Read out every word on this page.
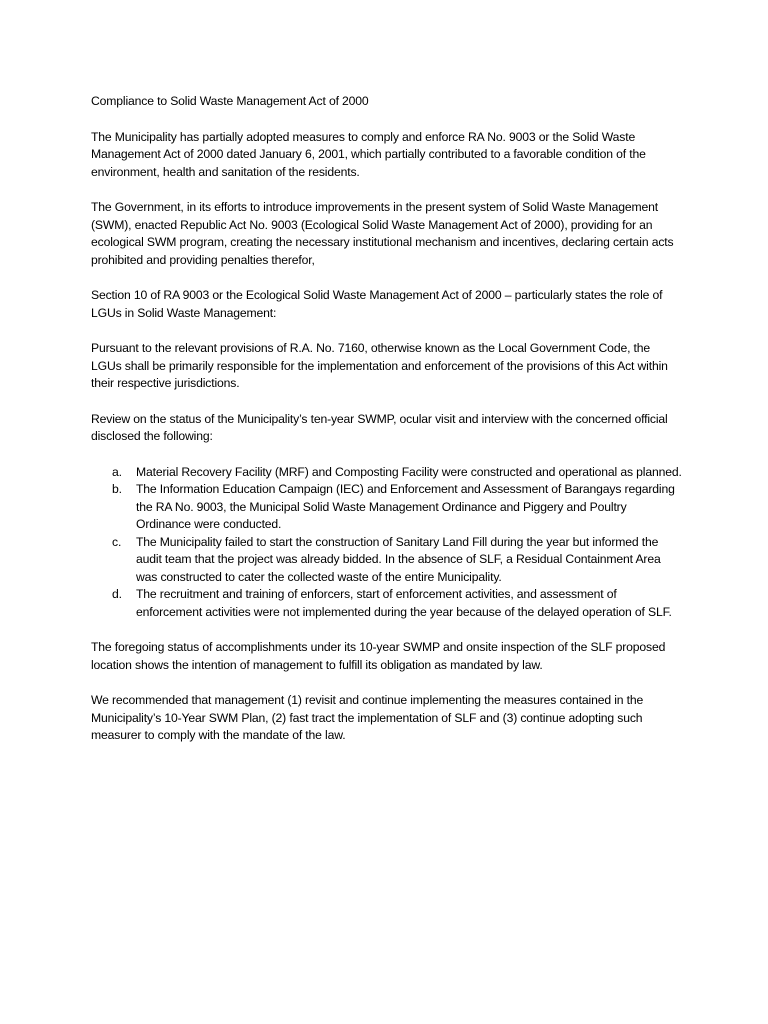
Compliance to Solid Waste Management Act of 2000

The Municipality has partially adopted measures to comply and enforce RA No. 9003 or the Solid Waste Management Act of 2000 dated January 6, 2001, which partially contributed to a favorable condition of the environment, health and sanitation of the residents.

The Government, in its efforts to introduce improvements in the present system of Solid Waste Management (SWM), enacted Republic Act No. 9003 (Ecological Solid Waste Management Act of 2000), providing for an ecological SWM program, creating the necessary institutional mechanism and incentives, declaring certain acts prohibited and providing penalties therefor,

Section 10 of RA 9003 or the Ecological Solid Waste Management Act of 2000 – particularly states the role of LGUs in Solid Waste Management:

Pursuant to the relevant provisions of R.A. No. 7160, otherwise known as the Local Government Code, the LGUs shall be primarily responsible for the implementation and enforcement of the provisions of this Act within their respective jurisdictions.

Review on the status of the Municipality’s ten-year SWMP, ocular visit and interview with the concerned official disclosed the following:

a. Material Recovery Facility (MRF) and Composting Facility were constructed and operational as planned.
b. The Information Education Campaign (IEC) and Enforcement and Assessment of Barangays regarding the RA No. 9003, the Municipal Solid Waste Management Ordinance and Piggery and Poultry Ordinance were conducted.
c. The Municipality failed to start the construction of Sanitary Land Fill during the year but informed the audit team that the project was already bidded. In the absence of SLF, a Residual Containment Area was constructed to cater the collected waste of the entire Municipality.
d. The recruitment and training of enforcers, start of enforcement activities, and assessment of enforcement activities were not implemented during the year because of the delayed operation of SLF.

The foregoing status of accomplishments under its 10-year SWMP and onsite inspection of the SLF proposed location shows the intention of management to fulfill its obligation as mandated by law.

We recommended that management (1) revisit and continue implementing the measures contained in the Municipality’s 10-Year SWM Plan, (2) fast tract the implementation of SLF and (3) continue adopting such measurer to comply with the mandate of the law.
